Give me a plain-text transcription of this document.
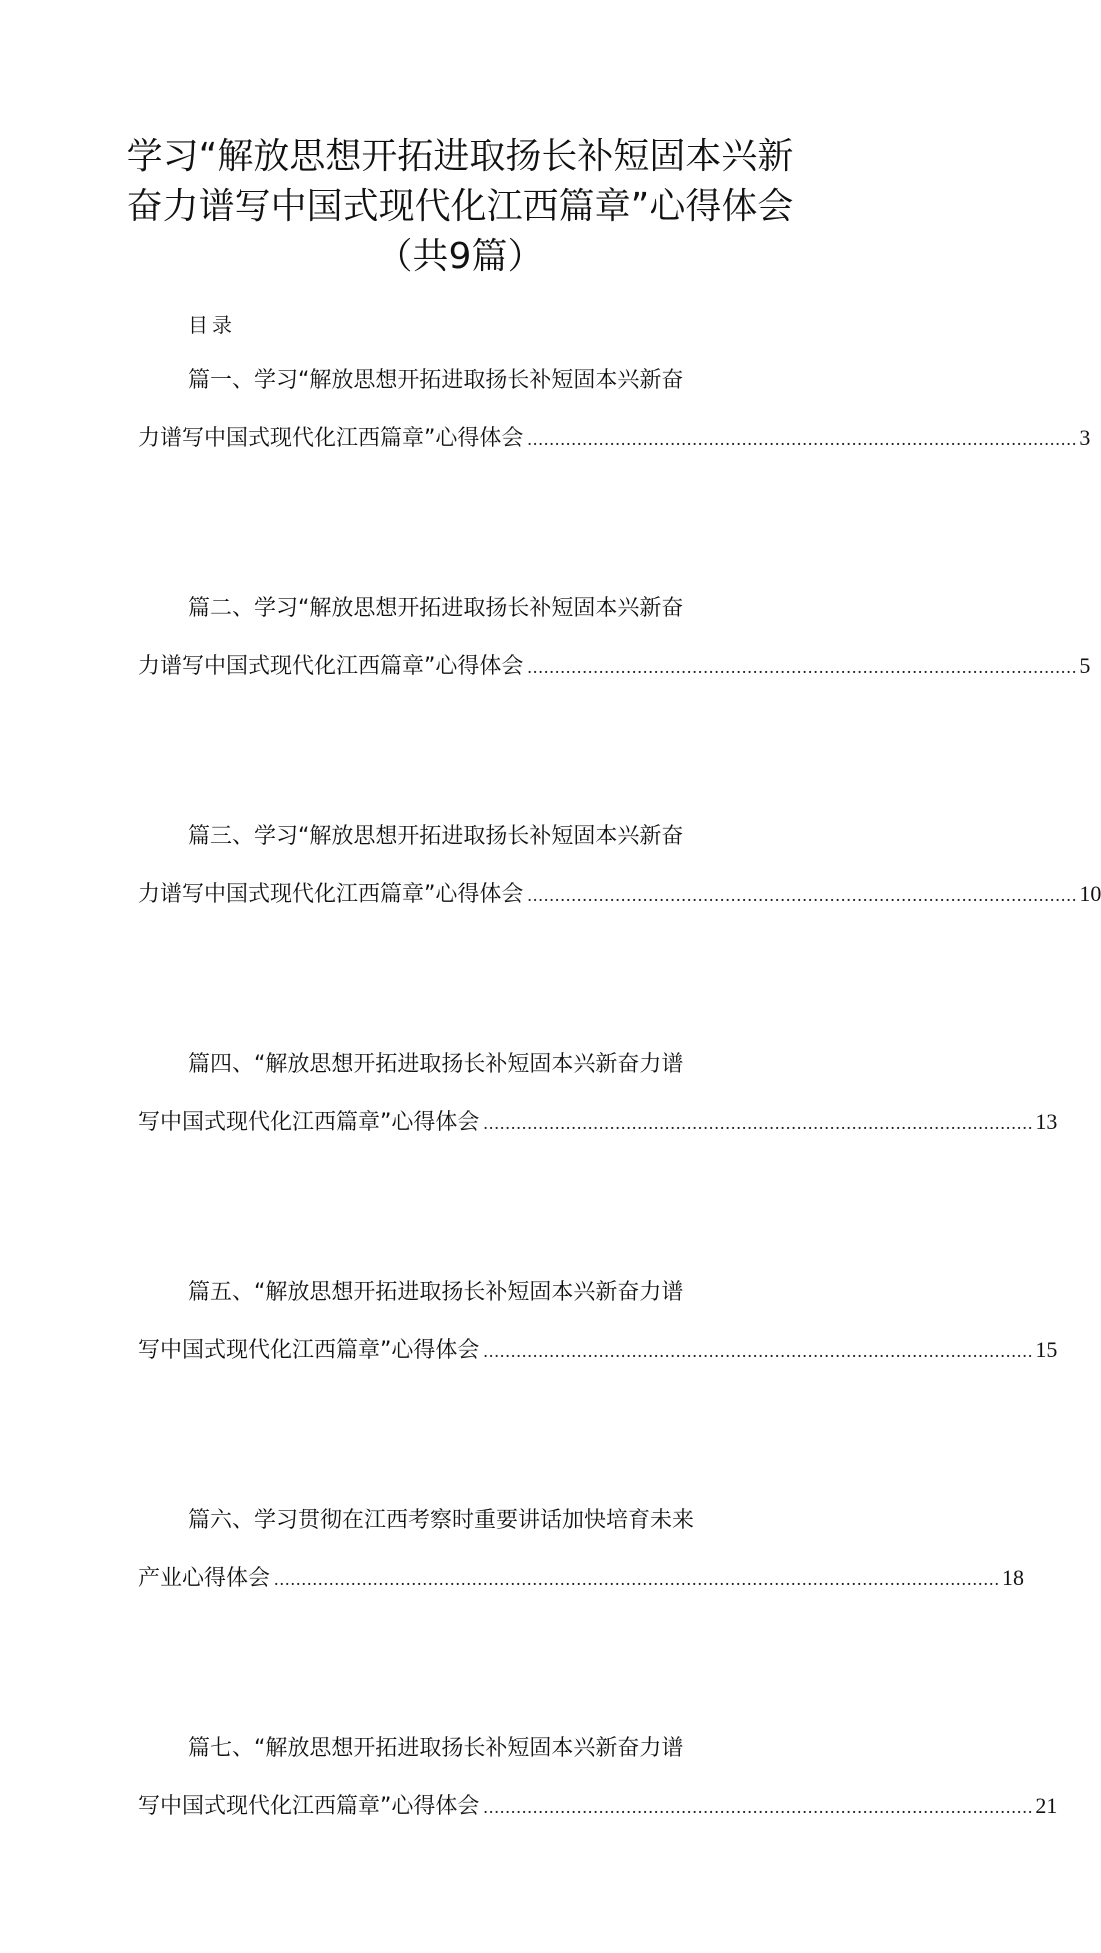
学习“解放思想开拓进取扬长补短固本兴新
奋力谱写中国式现代化江西篇章”心得体会
（共9篇）
目录
篇一、学习“解放思想开拓进取扬长补短固本兴新奋
力谱写中国式现代化江西篇章”心得体会 .................................................................................................... 3
篇二、学习“解放思想开拓进取扬长补短固本兴新奋
力谱写中国式现代化江西篇章”心得体会 .................................................................................................... 5
篇三、学习“解放思想开拓进取扬长补短固本兴新奋
力谱写中国式现代化江西篇章”心得体会 .................................................................................................... 10
篇四、“解放思想开拓进取扬长补短固本兴新奋力谱
写中国式现代化江西篇章”心得体会 .................................................................................................... 13
篇五、“解放思想开拓进取扬长补短固本兴新奋力谱
写中国式现代化江西篇章”心得体会 .................................................................................................... 15
篇六、学习贯彻在江西考察时重要讲话加快培育未来
产业心得体会 .................................................................................................................................... 18
篇七、“解放思想开拓进取扬长补短固本兴新奋力谱
写中国式现代化江西篇章”心得体会 .................................................................................................... 21
